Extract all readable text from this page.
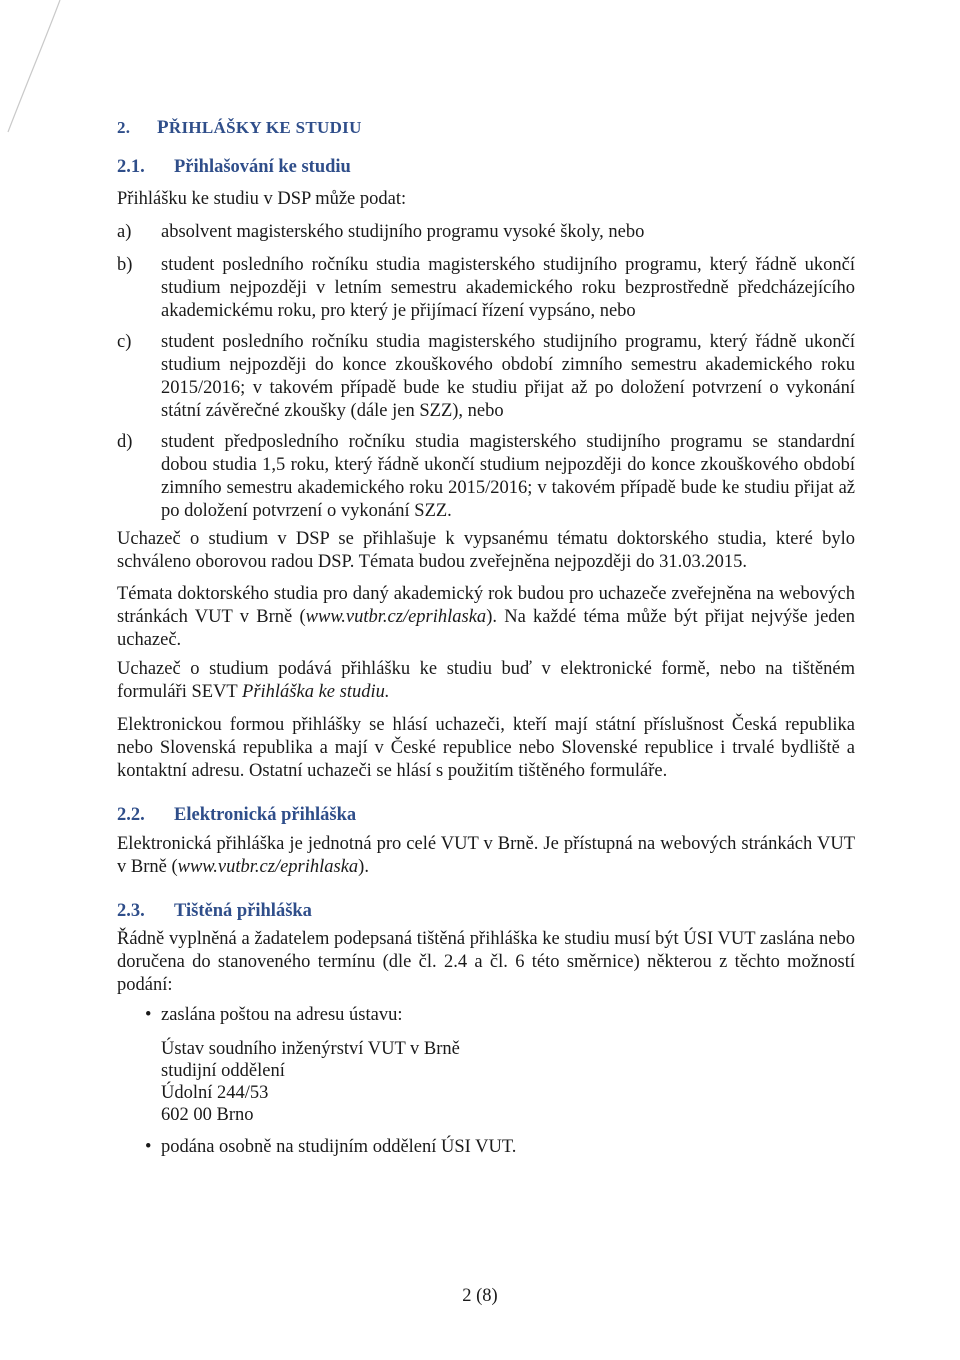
2. PŘIHLÁŠKY KE STUDIU
2.1. Přihlašování ke studiu
Přihlášku ke studiu v DSP může podat:
a)	absolvent magisterského studijního programu vysoké školy, nebo
b)	student posledního ročníku studia magisterského studijního programu, který řádně ukončí studium nejpozději v letním semestru akademického roku bezprostředně předcházejícího akademickému roku, pro který je přijímací řízení vypsáno, nebo
c)	student posledního ročníku studia magisterského studijního programu, který řádně ukončí studium nejpozději do konce zkouškového období zimního semestru akademického roku 2015/2016; v takovém případě bude ke studiu přijat až po doložení potvrzení o vykonání státní závěrečné zkoušky (dále jen SZZ), nebo
d)	student předposledního ročníku studia magisterského studijního programu se standardní dobou studia 1,5 roku, který řádně ukončí studium nejpozději do konce zkouškového období zimního semestru akademického roku 2015/2016; v takovém případě bude ke studiu přijat až po doložení potvrzení o vykonání SZZ.
Uchazeč o studium v DSP se přihlašuje k vypsanému tématu doktorského studia, které bylo schváleno oborovou radou DSP. Témata budou zveřejněna nejpozději do 31.03.2015.
Témata doktorského studia pro daný akademický rok budou pro uchazeče zveřejněna na webových stránkách VUT v Brně (www.vutbr.cz/eprihlaska). Na každé téma může být přijat nejvýše jeden uchazeč.
Uchazeč o studium podává přihlášku ke studiu buď v elektronické formě, nebo na tištěném formuláři SEVT Přihláška ke studiu.
Elektronickou formou přihlášky se hlásí uchazeči, kteří mají státní příslušnost Česká republika nebo Slovenská republika a mají v České republice nebo Slovenské republice i trvalé bydliště a kontaktní adresu. Ostatní uchazeči se hlásí s použitím tištěného formuláře.
2.2. Elektronická přihláška
Elektronická přihláška je jednotná pro celé VUT v Brně. Je přístupná na webových stránkách VUT v Brně (www.vutbr.cz/eprihlaska).
2.3. Tištěná přihláška
Řádně vyplněná a žadatelem podepsaná tištěná přihláška ke studiu musí být ÚSI VUT zaslána nebo doručena do stanoveného termínu (dle čl. 2.4 a čl. 6 této směrnice) některou z těchto možností podání:
• zaslána poštou na adresu ústavu:
Ústav soudního inženýrství VUT v Brně
studijní oddělení
Údolní 244/53
602 00 Brno
• podána osobně na studijním oddělení ÚSI VUT.
2 (8)
